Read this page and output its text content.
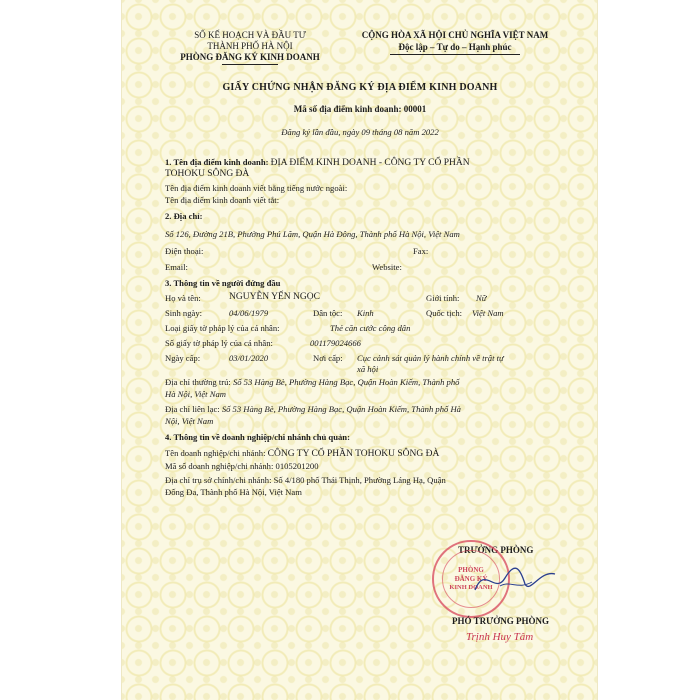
SỐ KẾ HOẠCH VÀ ĐẦU TƯ
THÀNH PHỐ HÀ NỘI
PHÒNG ĐĂNG KÝ KINH DOANH
CỘNG HÒA XÃ HỘI CHỦ NGHĨA VIỆT NAM
Độc lập – Tự do – Hạnh phúc
GIẤY CHỨNG NHẬN ĐĂNG KÝ ĐỊA ĐIỂM KINH DOANH
Mã số địa điểm kinh doanh: 00001
Đăng ký lần đầu, ngày 09 tháng 08 năm 2022
1. Tên địa điểm kinh doanh: ĐỊA ĐIỂM KINH DOANH - CÔNG TY CỔ PHẦN
TOHOKU SÔNG ĐÀ
Tên địa điểm kinh doanh viết bằng tiếng nước ngoài:
Tên địa điểm kinh doanh viết tắt:
2. Địa chỉ:
Số 126, Đường 21B, Phường Phú Lãm, Quận Hà Đông, Thành phố Hà Nội, Việt Nam
Điện thoại:	Fax:
Email:	Website:
3. Thông tin về người đứng đầu
Họ và tên:	NGUYỄN YẾN NGỌC	Giới tính: Nữ
Sinh ngày:	04/06/1979	Dân tộc: Kinh	Quốc tịch: Việt Nam
Loại giấy tờ pháp lý của cá nhân:	Thẻ căn cước công dân
Số giấy tờ pháp lý của cá nhân:	001179024666
Ngày cấp:	03/01/2020	Nơi cấp: Cục cảnh sát quản lý hành chính về trật tự
xã hội
Địa chỉ thường trú: Số 53 Hàng Bè, Phường Hàng Bạc, Quận Hoàn Kiếm, Thành phố
Hà Nội, Việt Nam
Địa chỉ liên lạc: Số 53 Hàng Bè, Phường Hàng Bạc, Quận Hoàn Kiếm, Thành phố Hà
Nội, Việt Nam
4. Thông tin về doanh nghiệp/chi nhánh chủ quản:
Tên doanh nghiệp/chi nhánh: CÔNG TY CỔ PHẦN TOHOKU SÔNG ĐÀ
Mã số doanh nghiệp/chi nhánh: 0105201200
Địa chỉ trụ sở chính/chi nhánh: Số 4/180 phố Thái Thịnh, Phường Láng Hạ, Quận
Đống Đa, Thành phố Hà Nội, Việt Nam
TRƯỞNG PHÒNG
PHÒNG
ĐĂNG KÝ
KINH DOANH
PHÓ TRƯỞNG PHÒNG
Trịnh Huy Tâm
